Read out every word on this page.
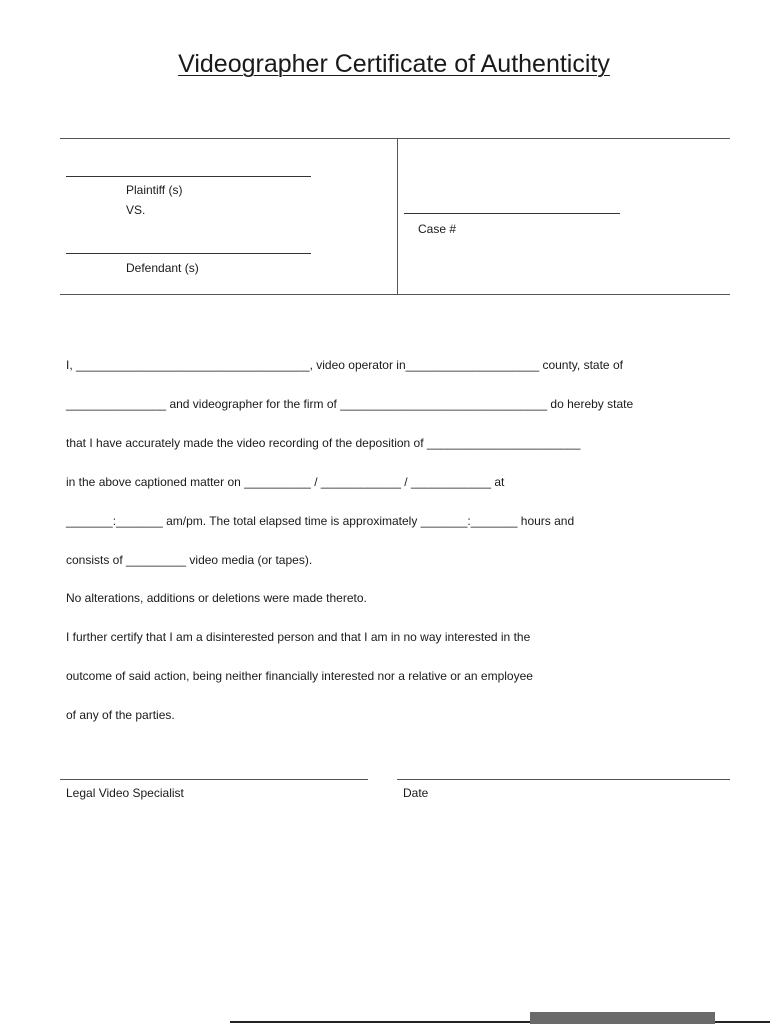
Videographer Certificate of Authenticity
Plaintiff (s)
VS.
Defendant (s)
Case #
I, ___________________________________, video operator in____________________ county, state of
_______________ and videographer for the firm of _______________________________ do hereby state
that I have accurately made the video recording of the deposition of _______________________
in the above captioned matter on __________ / ____________ / ____________ at
_______:_______ am/pm. The total elapsed time is approximately _______:_______ hours and
consists of _________ video media (or tapes).
No alterations, additions or deletions were made thereto.
I further certify that I am a disinterested person and that I am in no way interested in the
outcome of said action, being neither financially interested nor a relative or an employee
of any of the parties.
Legal Video Specialist	Date
